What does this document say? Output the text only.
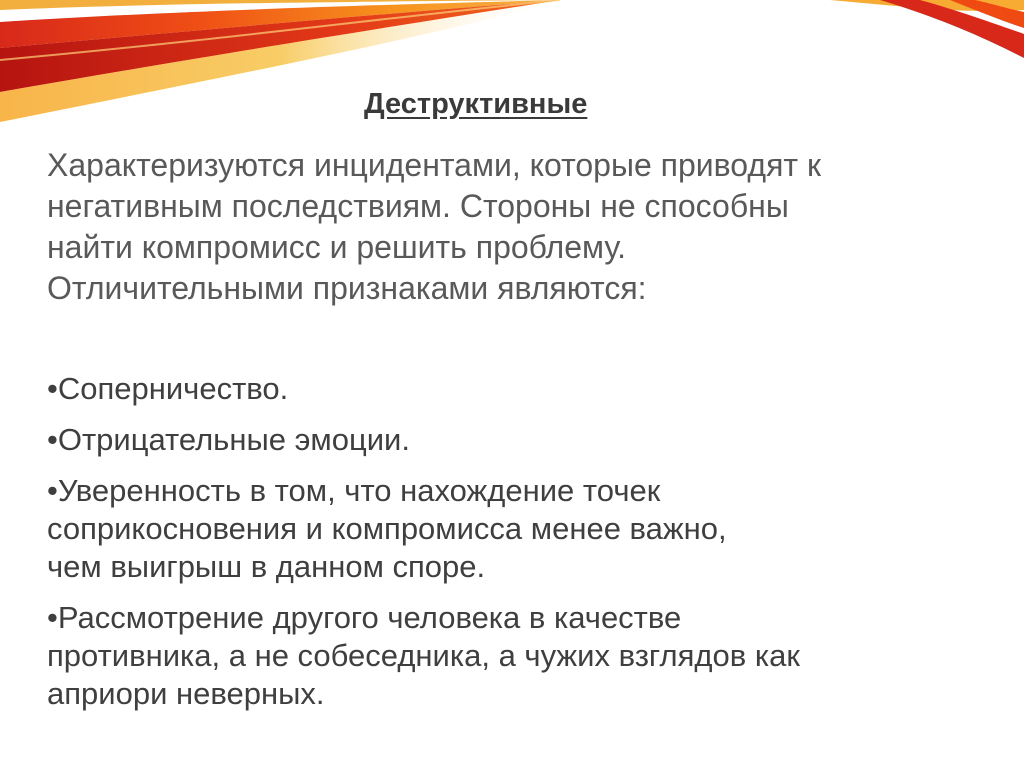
Деструктивные

Характеризуются инцидентами, которые приводят к
негативным последствиям. Стороны не способны
найти компромисс и решить проблему.
Отличительными признаками являются:

•Соперничество.
•Отрицательные эмоции.
•Уверенность в том, что нахождение точек
соприкосновения и компромисса менее важно,
чем выигрыш в данном споре.
•Рассмотрение другого человека в качестве
противника, а не собеседника, а чужих взглядов как
априори неверных.
